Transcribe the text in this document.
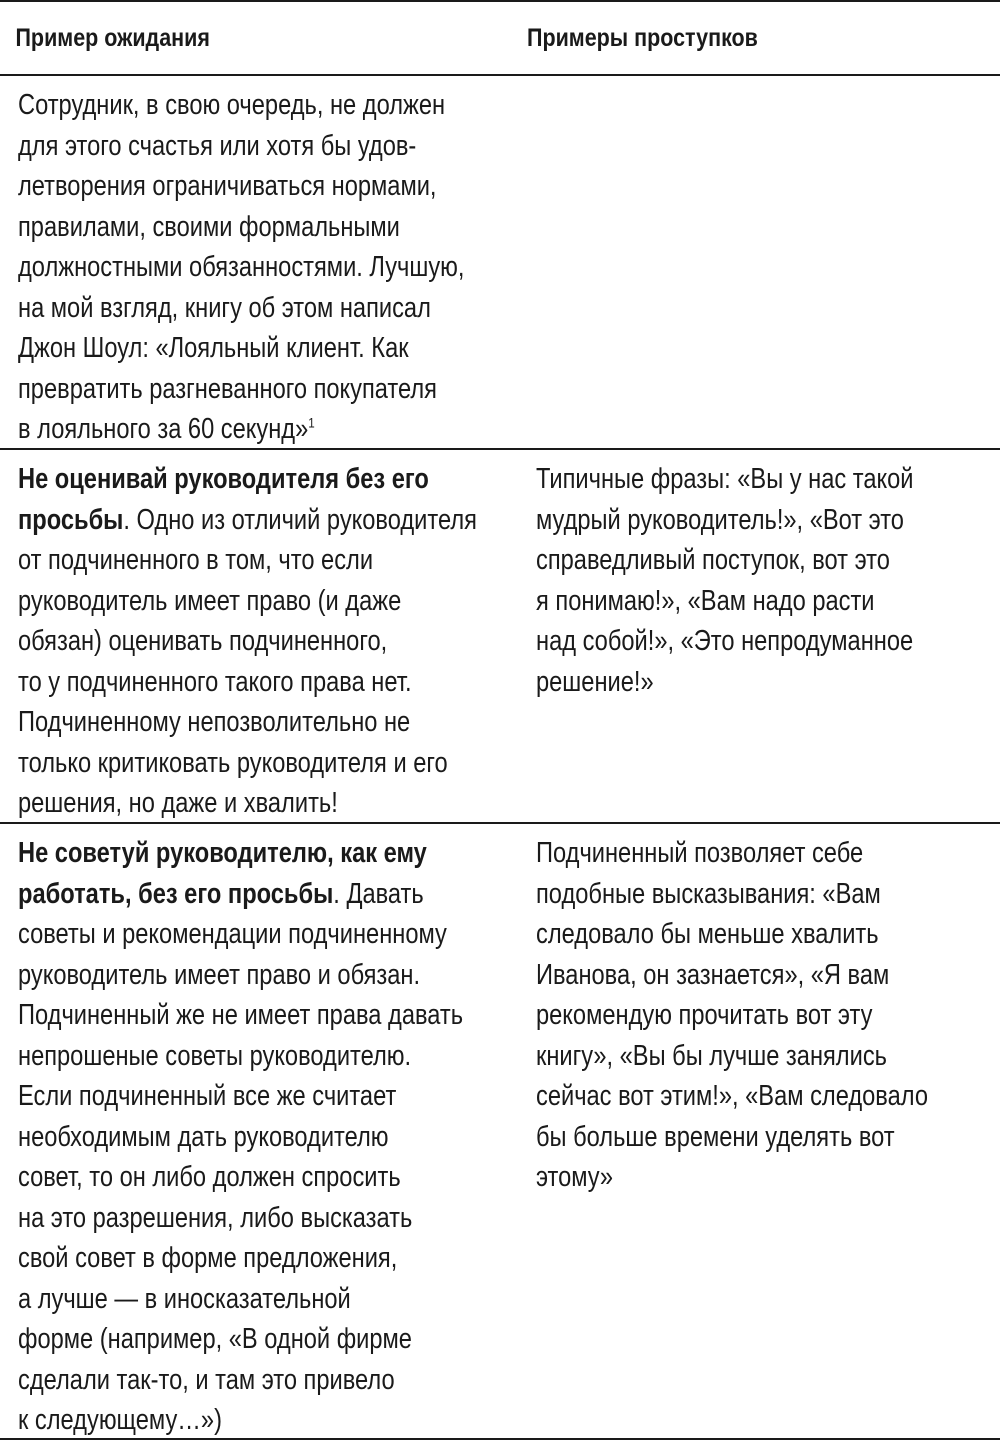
Пример ожидания	Примеры проступков
Сотрудник, в свою очередь, не должен
для этого счастья или хотя бы удов-
летворения ограничиваться нормами,
правилами, своими формальными
должностными обязанностями. Лучшую,
на мой взгляд, книгу об этом написал
Джон Шоул: «Лояльный клиент. Как
превратить разгневанного покупателя
в лояльного за 60 секунд»$^1$
Не оценивай руководителя без его
просьбы. Одно из отличий руководителя
от подчиненного в том, что если
руководитель имеет право (и даже
обязан) оценивать подчиненного,
то у подчиненного такого права нет.
Подчиненному непозволительно не
только критиковать руководителя и его
решения, но даже и хвалить!
Типичные фразы: «Вы у нас такой
мудрый руководитель!», «Вот это
справедливый поступок, вот это
я понимаю!», «Вам надо расти
над собой!», «Это непродуманное
решение!»
Не советуй руководителю, как ему
работать, без его просьбы. Давать
советы и рекомендации подчиненному
руководитель имеет право и обязан.
Подчиненный же не имеет права давать
непрошеные советы руководителю.
Если подчиненный все же считает
необходимым дать руководителю
совет, то он либо должен спросить
на это разрешения, либо высказать
свой совет в форме предложения,
а лучше — в иносказательной
форме (например, «В одной фирме
сделали так-то, и там это привело
к следующему…»)
Подчиненный позволяет себе
подобные высказывания: «Вам
следовало бы меньше хвалить
Иванова, он зазнается», «Я вам
рекомендую прочитать вот эту
книгу», «Вы бы лучше занялись
сейчас вот этим!», «Вам следовало
бы больше времени уделять вот
этому»
